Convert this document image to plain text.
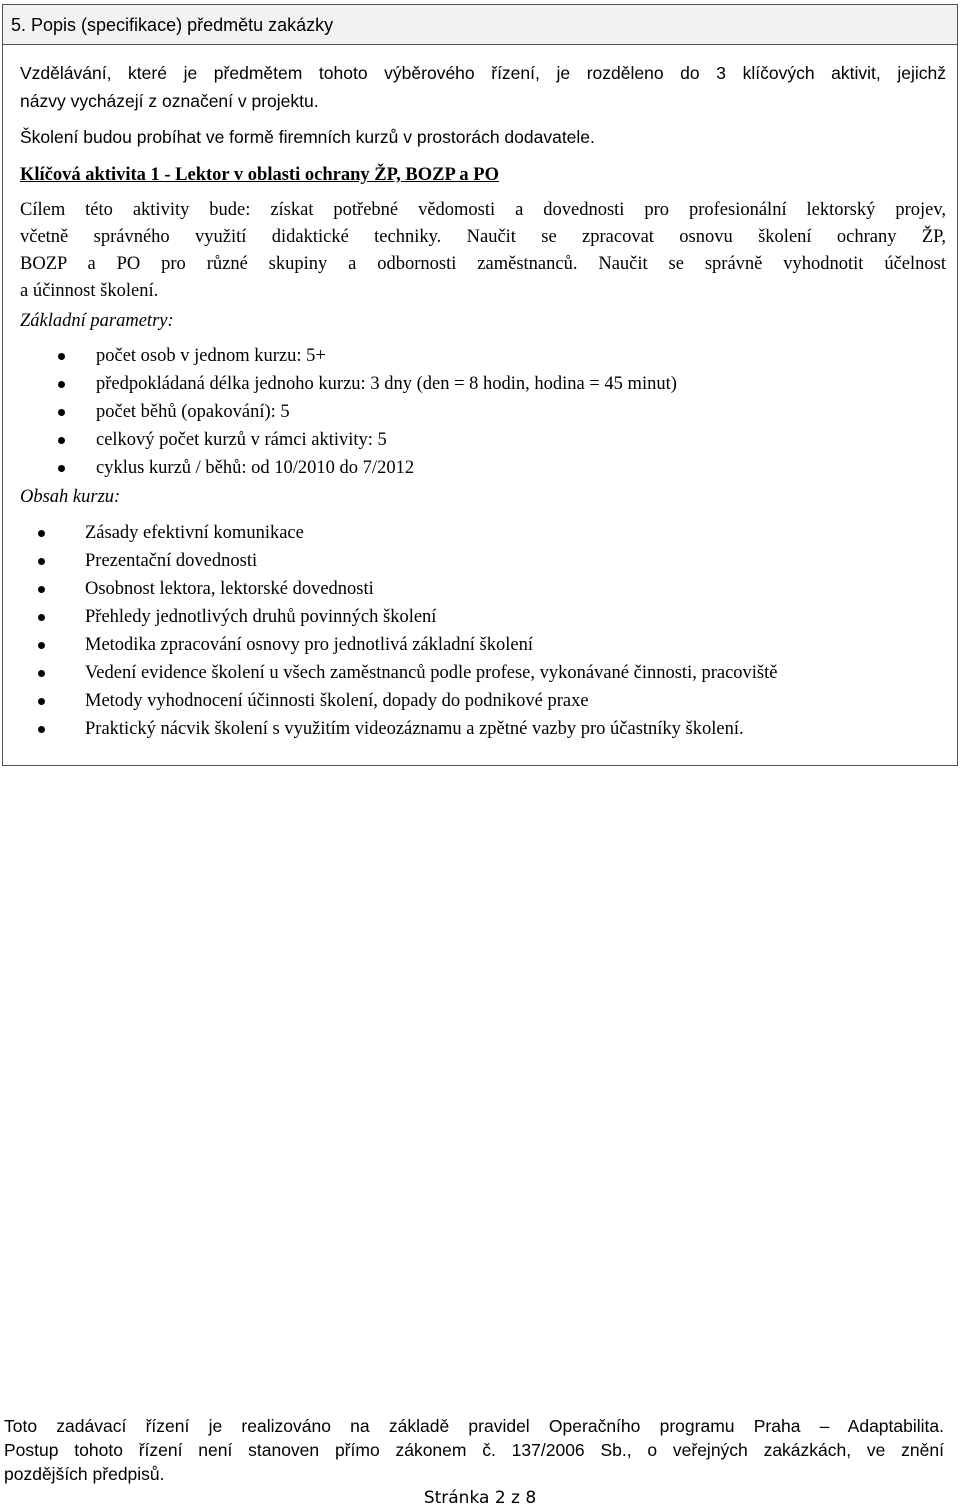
5. Popis (specifikace) předmětu zakázky
Vzdělávání, které je předmětem tohoto výběrového řízení, je rozděleno do 3 klíčových aktivit, jejichž
názvy vycházejí z označení v projektu.
Školení budou probíhat ve formě firemních kurzů v prostorách dodavatele.
Klíčová aktivita 1 - Lektor v oblasti ochrany ŽP, BOZP a PO
Cílem této aktivity bude: získat potřebné vědomosti a dovednosti pro profesionální lektorský projev,
včetně správného využití didaktické techniky. Naučit se zpracovat osnovu školení ochrany ŽP,
BOZP a PO pro různé skupiny a odbornosti zaměstnanců. Naučit se správně vyhodnotit účelnost
a účinnost školení.
Základní parametry:
počet osob v jednom kurzu: 5+
předpokládaná délka jednoho kurzu: 3 dny (den = 8 hodin, hodina = 45 minut)
počet běhů (opakování): 5
celkový počet kurzů v rámci aktivity: 5
cyklus kurzů / běhů: od 10/2010 do 7/2012
Obsah kurzu:
Zásady efektivní komunikace
Prezentační dovednosti
Osobnost lektora, lektorské dovednosti
Přehledy jednotlivých druhů povinných školení
Metodika zpracování osnovy pro jednotlivá základní školení
Vedení evidence školení u všech zaměstnanců podle profese, vykonávané činnosti, pracoviště
Metody vyhodnocení účinnosti školení, dopady do podnikové praxe
Praktický nácvik školení s využitím videozáznamu a zpětné vazby pro účastníky školení.
Toto zadávací řízení je realizováno na základě pravidel Operačního programu Praha – Adaptabilita.
Postup tohoto řízení není stanoven přímo zákonem č. 137/2006 Sb., o veřejných zakázkách, ve znění
pozdějších předpisů.
Stránka 2 z 8
